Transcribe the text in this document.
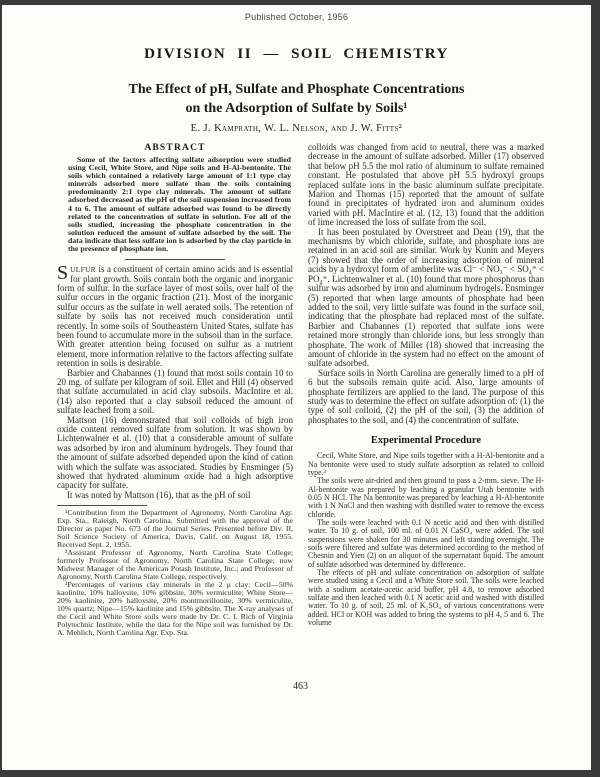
Published October, 1956
DIVISION II — SOIL CHEMISTRY
The Effect of pH, Sulfate and Phosphate Concentrations
on the Adsorption of Sulfate by Soils¹
E. J. Kamprath, W. L. Nelson, and J. W. Fitts²
ABSTRACT

Some of the factors affecting sulfate adsorption were studied using Cecil, White Store, and Nipe soils and H-Al-bentonite. The soils which contained a relatively large amount of 1:1 type clay minerals adsorbed more sulfate than the soils containing predominantly 2:1 type clay minerals. The amount of sulfate adsorbed decreased as the pH of the soil suspension increased from 4 to 6. The amount of sulfate adsorbed was found to be directly related to the concentration of sulfate in solution. For all of the soils studied, increasing the phosphate concentration in the solution reduced the amount of sulfate adsorbed by the soil. The data indicate that less sulfate ion is adsorbed by the clay particle in the presence of phosphate ion.

SULFUR is a constituent of certain amino acids and is essential for plant growth. Soils contain both the organic and inorganic form of sulfur. In the surface layer of most soils, over half of the sulfur occurs in the organic fraction (21). Most of the inorganic sulfur occurs as the sulfate in well aerated soils. The retention of sulfate by soils has not received much consideration until recently. In some soils of Southeastern United States, sulfate has been found to accumulate more in the subsoil than in the surface. With greater attention being focused on sulfur as a nutrient element, more information relative to the factors affecting sulfate retention in soils is desirable.

Barbier and Chabannes (1) found that most soils contain 10 to 20 mg. of sulfate per kilogram of soil. Ellet and Hill (4) observed that sulfate accumulated in acid clay subsoils. MacIntire et al. (14) also reported that a clay subsoil reduced the amount of sulfate leached from a soil.

Mattson (16) demonstrated that soil colloids of high iron oxide content removed sulfate from solution. It was shown by Lichtenwalner et al. (10) that a considerable amount of sulfate was adsorbed by iron and aluminum hydrogels. They found that the amount of sulfate adsorbed depended upon the kind of cation with which the sulfate was associated. Studies by Ensminger (5) showed that hydrated aluminum oxide had a high adsorptive capacity for sulfate.

It was noted by Mattson (16), that as the pH of soil

¹Contribution from the Department of Agronomy, North Carolina Agr. Exp. Sta., Raleigh, North Carolina. Submitted with the approval of the Director as paper No. 673 of the Journal Series. Presented before Div. II, Soil Science Society of America, Davis, Calif. on August 18, 1955. Received Sept. 2, 1955.

²Assistant Professor of Agronomy, North Carolina State College; formerly Professor of Agronomy, North Carolina State College; now Midwest Manager of the American Potash Institute, Inc.; and Professor of Agronomy, North Carolina State College, respectively.

³Percentages of various clay minerals in the 2 μ clay: Cecil—50% kaolinite, 10% halloysite, 10% gibbsite, 30% vermiculite; White Store—20% kaolinite, 20% halloysite, 20% montmorillonite, 30% vermiculite, 10% quartz; Nipe—15% kaolinite and 15% gibbsite. The X-ray analyses of the Cecil and White Store soils were made by Dr. C. I. Rich of Virginia Polytechnic Institute, while the data for the Nipe soil was furnished by Dr. A. Mehlich, North Carolina Agr. Exp. Sta.

colloids was changed from acid to neutral, there was a marked decrease in the amount of sulfate adsorbed. Miller (17) observed that below pH 5.5 the mol ratio of aluminum to sulfate remained constant. He postulated that above pH 5.5 hydroxyl groups replaced sulfate ions in the basic aluminum sulfate precipitate. Marion and Thomas (15) reported that the amount of sulfate found in precipitates of hydrated iron and aluminum oxides varied with pH. MacIntire et al. (12, 13) found that the addition of lime increased the loss of sulfate from the soil.

It has been postulated by Overstreet and Dean (19), that the mechanisms by which chloride, sulfate, and phosphate ions are retained in an acid soil are similar. Work by Kunin and Meyers (7) showed that the order of increasing adsorption of mineral acids by a hydroxyl form of amberlite was Cl⁻ < NO₃⁻ < SO₄⁼ < PO₄⁼. Lichtenwalner et al. (10) found that more phosphorus than sulfur was adsorbed by iron and aluminum hydrogels. Ensminger (5) reported that when large amounts of phosphate had been added to the soil, very little sulfate was found in the surface soil, indicating that the phosphate had replaced most of the sulfate. Barbier and Chabannes (1) reported that sulfate ions were retained more strongly than chloride ions, but less strongly than phosphate. The work of Miller (18) showed that increasing the amount of chloride in the system had no effect on the amount of sulfate adsorbed.

Surface soils in North Carolina are generally limed to a pH of 6 but the subsoils remain quite acid. Also, large amounts of phosphate fertilizers are applied to the land. The purpose of this study was to determine the effect on sulfate adsorption of: (1) the type of soil colloid, (2) the pH of the soil, (3) the addition of phosphates to the soil, and (4) the concentration of sulfate.

Experimental Procedure

Cecil, White Store, and Nipe soils together with a H-Al-bentonite and a Na bentonite were used to study sulfate adsorption as related to colloid type.³

The soils were air-dried and then ground to pass a 2-mm. sieve. The H-Al-bentonite was prepared by leaching a granular Utah bentonite with 0.05 N HCl. The Na bentonite was prepared by leaching a H-Al-bentonite with 1 N NaCl and then washing with distilled water to remove the excess chloride.

The soils were leached with 0.1 N acetic acid and then with distilled water. To 10 g. of soil, 100 ml. of 0.01 N CaSO₄ were added. The soil suspensions were shaken for 30 minutes and left standing overnight. The soils were filtered and sulfate was determined according to the method of Chesnin and Yien (2) on an aliquot of the supernatant liquid. The amount of sulfate adsorbed was determined by difference.

The effects of pH and sulfate concentration on adsorption of sulfate were studied using a Cecil and a White Store soil. The soils were leached with a sodium acetate-acetic acid buffer, pH 4.8, to remove adsorbed sulfate and then leached with 0.1 N acetic acid and washed with distilled water. To 10 g. of soil, 25 ml. of K₂SO₄ of various concentrations were added. HCl or KOH was added to bring the systems to pH 4, 5 and 6. The volume

463
